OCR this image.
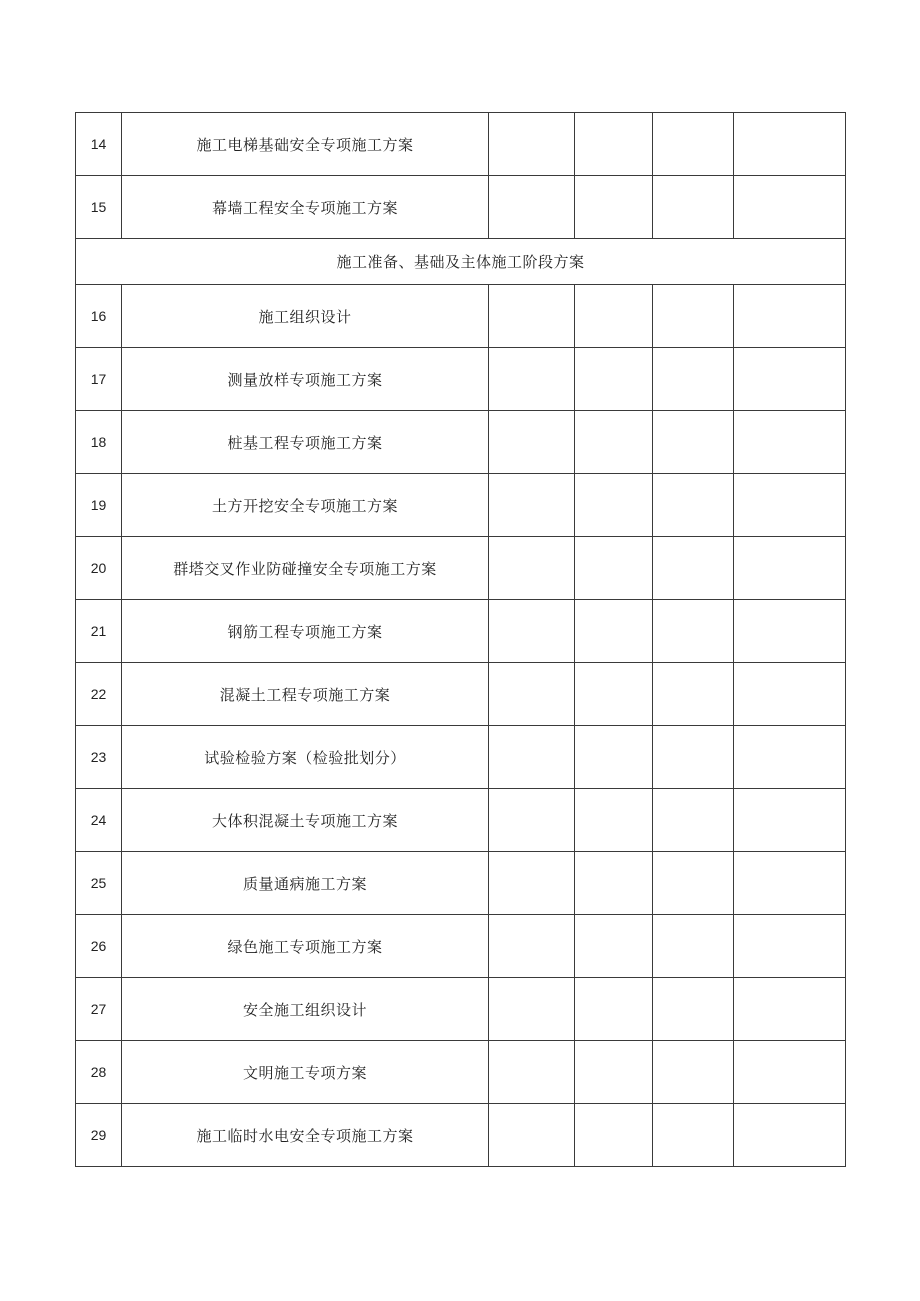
14	施工电梯基础安全专项施工方案				
15	幕墙工程安全专项施工方案				
施工准备、基础及主体施工阶段方案					
16	施工组织设计				
17	测量放样专项施工方案				
18	桩基工程专项施工方案				
19	土方开挖安全专项施工方案				
20	群塔交叉作业防碰撞安全专项施工方案				
21	钢筋工程专项施工方案				
22	混凝土工程专项施工方案				
23	试验检验方案（检验批划分）				
24	大体积混凝土专项施工方案				
25	质量通病施工方案				
26	绿色施工专项施工方案				
27	安全施工组织设计				
28	文明施工专项方案				
29	施工临时水电安全专项施工方案				
